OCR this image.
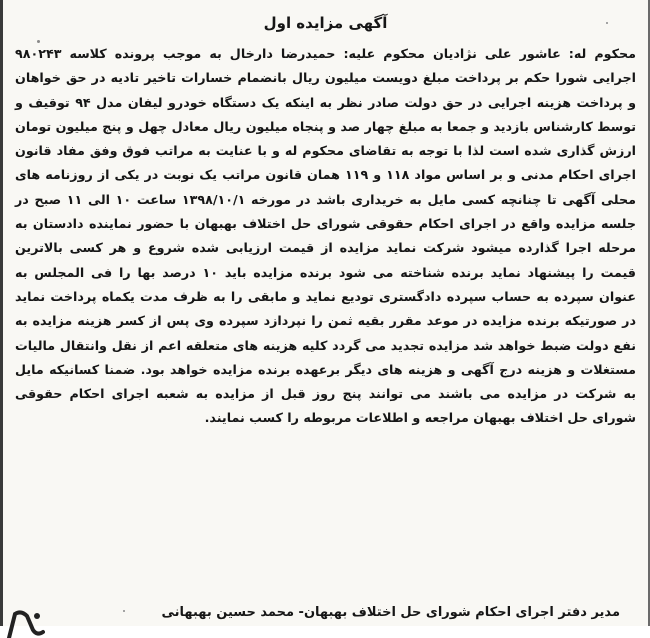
آگهی مزایده اول

محکوم له: عاشور علی نژادیان محکوم علیه: حمیدرضا دارخال به موجب پرونده کلاسه ۹۸۰۲۴۳ اجرایی شورا حکم بر پرداخت مبلغ دویست میلیون ریال بانضمام خسارات تاخیر تادیه در حق خواهان و پرداخت هزینه اجرایی در حق دولت صادر نظر به اینکه یک دستگاه خودرو لیفان مدل ۹۴ توقیف و توسط کارشناس بازدید و جمعا به مبلغ چهار صد و پنجاه میلیون ریال معادل چهل و پنج میلیون تومان ارزش گذاری شده است لذا با توجه به تقاضای محکوم له و با عنایت به مراتب فوق وفق مفاد قانون اجرای احکام مدنی و بر اساس مواد ۱۱۸ و ۱۱۹ همان قانون مراتب یک نوبت در یکی از روزنامه های محلی آگهی تا چنانچه کسی مایل به خریداری باشد در مورخه ۱۳۹۸/۱۰/۱ ساعت ۱۰ الی ۱۱ صبح در جلسه مزایده واقع در اجرای احکام حقوقی شورای حل اختلاف بهبهان با حضور نماینده دادستان به مرحله اجرا گذارده میشود شرکت نماید مزایده از قیمت ارزیابی شده شروع و هر کسی بالاترین قیمت را پیشنهاد نماید برنده شناخته می شود برنده مزایده باید ۱۰ درصد بها را فی المجلس به عنوان سپرده به حساب سپرده دادگستری تودیع نماید و مابقی را به ظرف مدت یکماه پرداخت نماید در صورتیکه برنده مزایده در موعد مقرر بقیه ثمن را نپردازد سپرده وی پس از کسر هزینه مزایده به نفع دولت ضبط خواهد شد مزایده تجدید می گردد کلیه هزینه های متعلقه اعم از نقل وانتقال مالیات مستغلات و هزینه درج آگهی و هزینه های دیگر برعهده برنده مزایده خواهد بود. ضمنا کسانیکه مایل به شرکت در مزایده می باشند می توانند پنج روز قبل از مزایده به شعبه اجرای احکام حقوقی شورای حل اختلاف بهبهان مراجعه و اطلاعات مربوطه را کسب نمایند.

مدیر دفتر اجرای احکام شورای حل اختلاف بهبهان- محمد حسین بهبهانی
